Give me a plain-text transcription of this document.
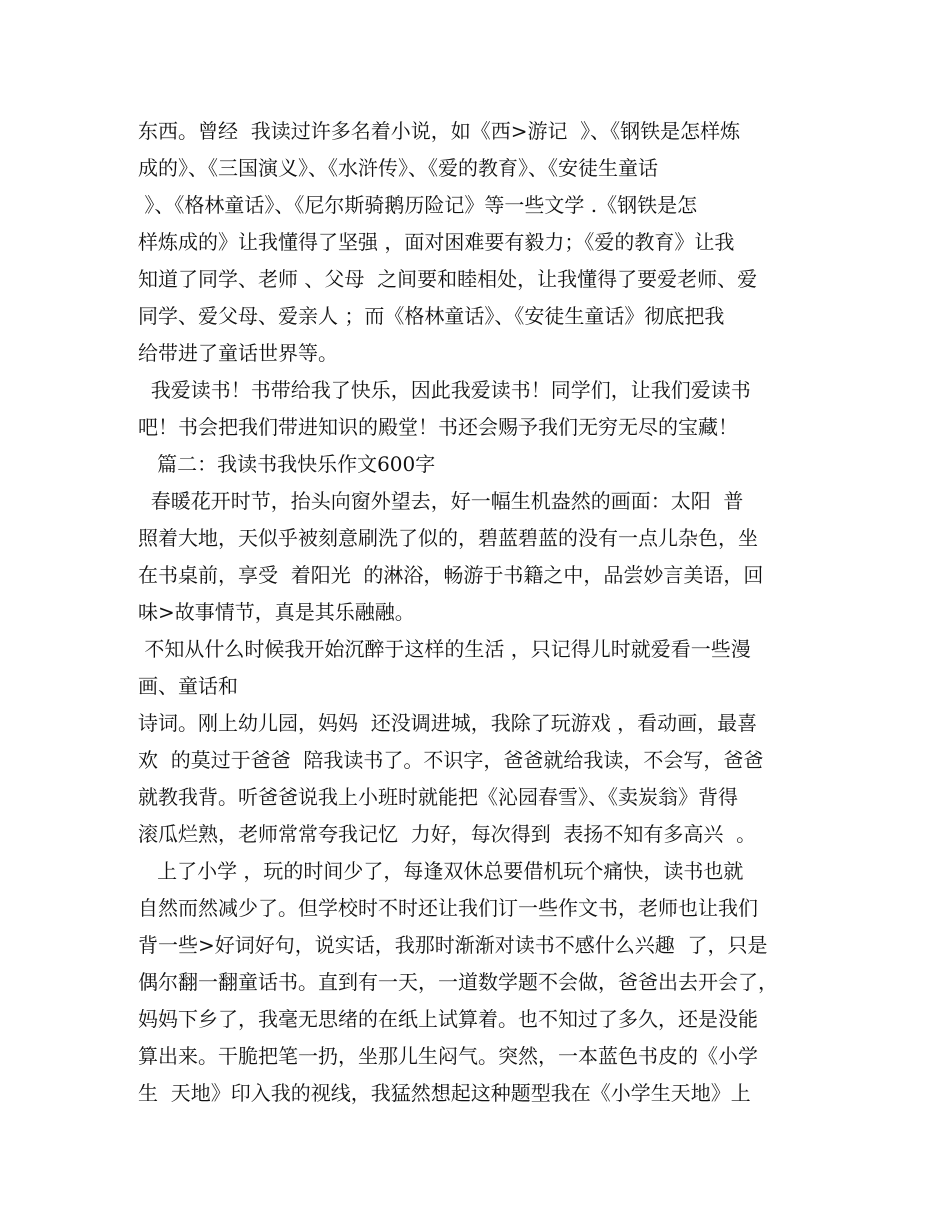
东西。曾经  我读过许多名着小说，如《西>游记  》、《钢铁是怎样炼
成的》、《三国演义》、《水浒传》、《爱的教育》、《安徒生童话
》、《格林童话》、《尼尔斯骑鹅历险记》等一些文学 .《钢铁是怎
样炼成的》让我懂得了坚强 ，面对困难要有毅力；《爱的教育》让我
知道了同学、老师 、父母  之间要和睦相处，让我懂得了要爱老师、爱
同学、爱父母、爱亲人 ；而《格林童话》、《安徒生童话》彻底把我
给带进了童话世界等。
我爱读书！书带给我了快乐，因此我爱读书！同学们，让我们爱读书
吧！书会把我们带进知识的殿堂！书还会赐予我们无穷无尽的宝藏！
篇二：我读书我快乐作文600字
春暖花开时节，抬头向窗外望去，好一幅生机盎然的画面：太阳  普
照着大地，天似乎被刻意刷洗了似的，碧蓝碧蓝的没有一点儿杂色，坐
在书桌前，享受  着阳光  的淋浴，畅游于书籍之中，品尝妙言美语，回
味>故事情节，真是其乐融融。
不知从什么时候我开始沉醉于这样的生活 ，只记得儿时就爱看一些漫
画、童话和
诗词。刚上幼儿园，妈妈  还没调进城，我除了玩游戏 ，看动画，最喜
欢  的莫过于爸爸  陪我读书了。不识字，爸爸就给我读，不会写，爸爸
就教我背。听爸爸说我上小班时就能把《沁园春雪》、《卖炭翁》背得
滚瓜烂熟，老师常常夸我记忆  力好，每次得到  表扬不知有多高兴  。
上了小学 ，玩的时间少了，每逢双休总要借机玩个痛快，读书也就
自然而然减少了。但学校时不时还让我们订一些作文书，老师也让我们
背一些>好词好句，说实话，我那时渐渐对读书不感什么兴趣  了，只是
偶尔翻一翻童话书。直到有一天，一道数学题不会做，爸爸出去开会了，
妈妈下乡了，我毫无思绪的在纸上试算着。也不知过了多久，还是没能
算出来。干脆把笔一扔，坐那儿生闷气。突然，一本蓝色书皮的《小学
生  天地》印入我的视线，我猛然想起这种题型我在《小学生天地》上
